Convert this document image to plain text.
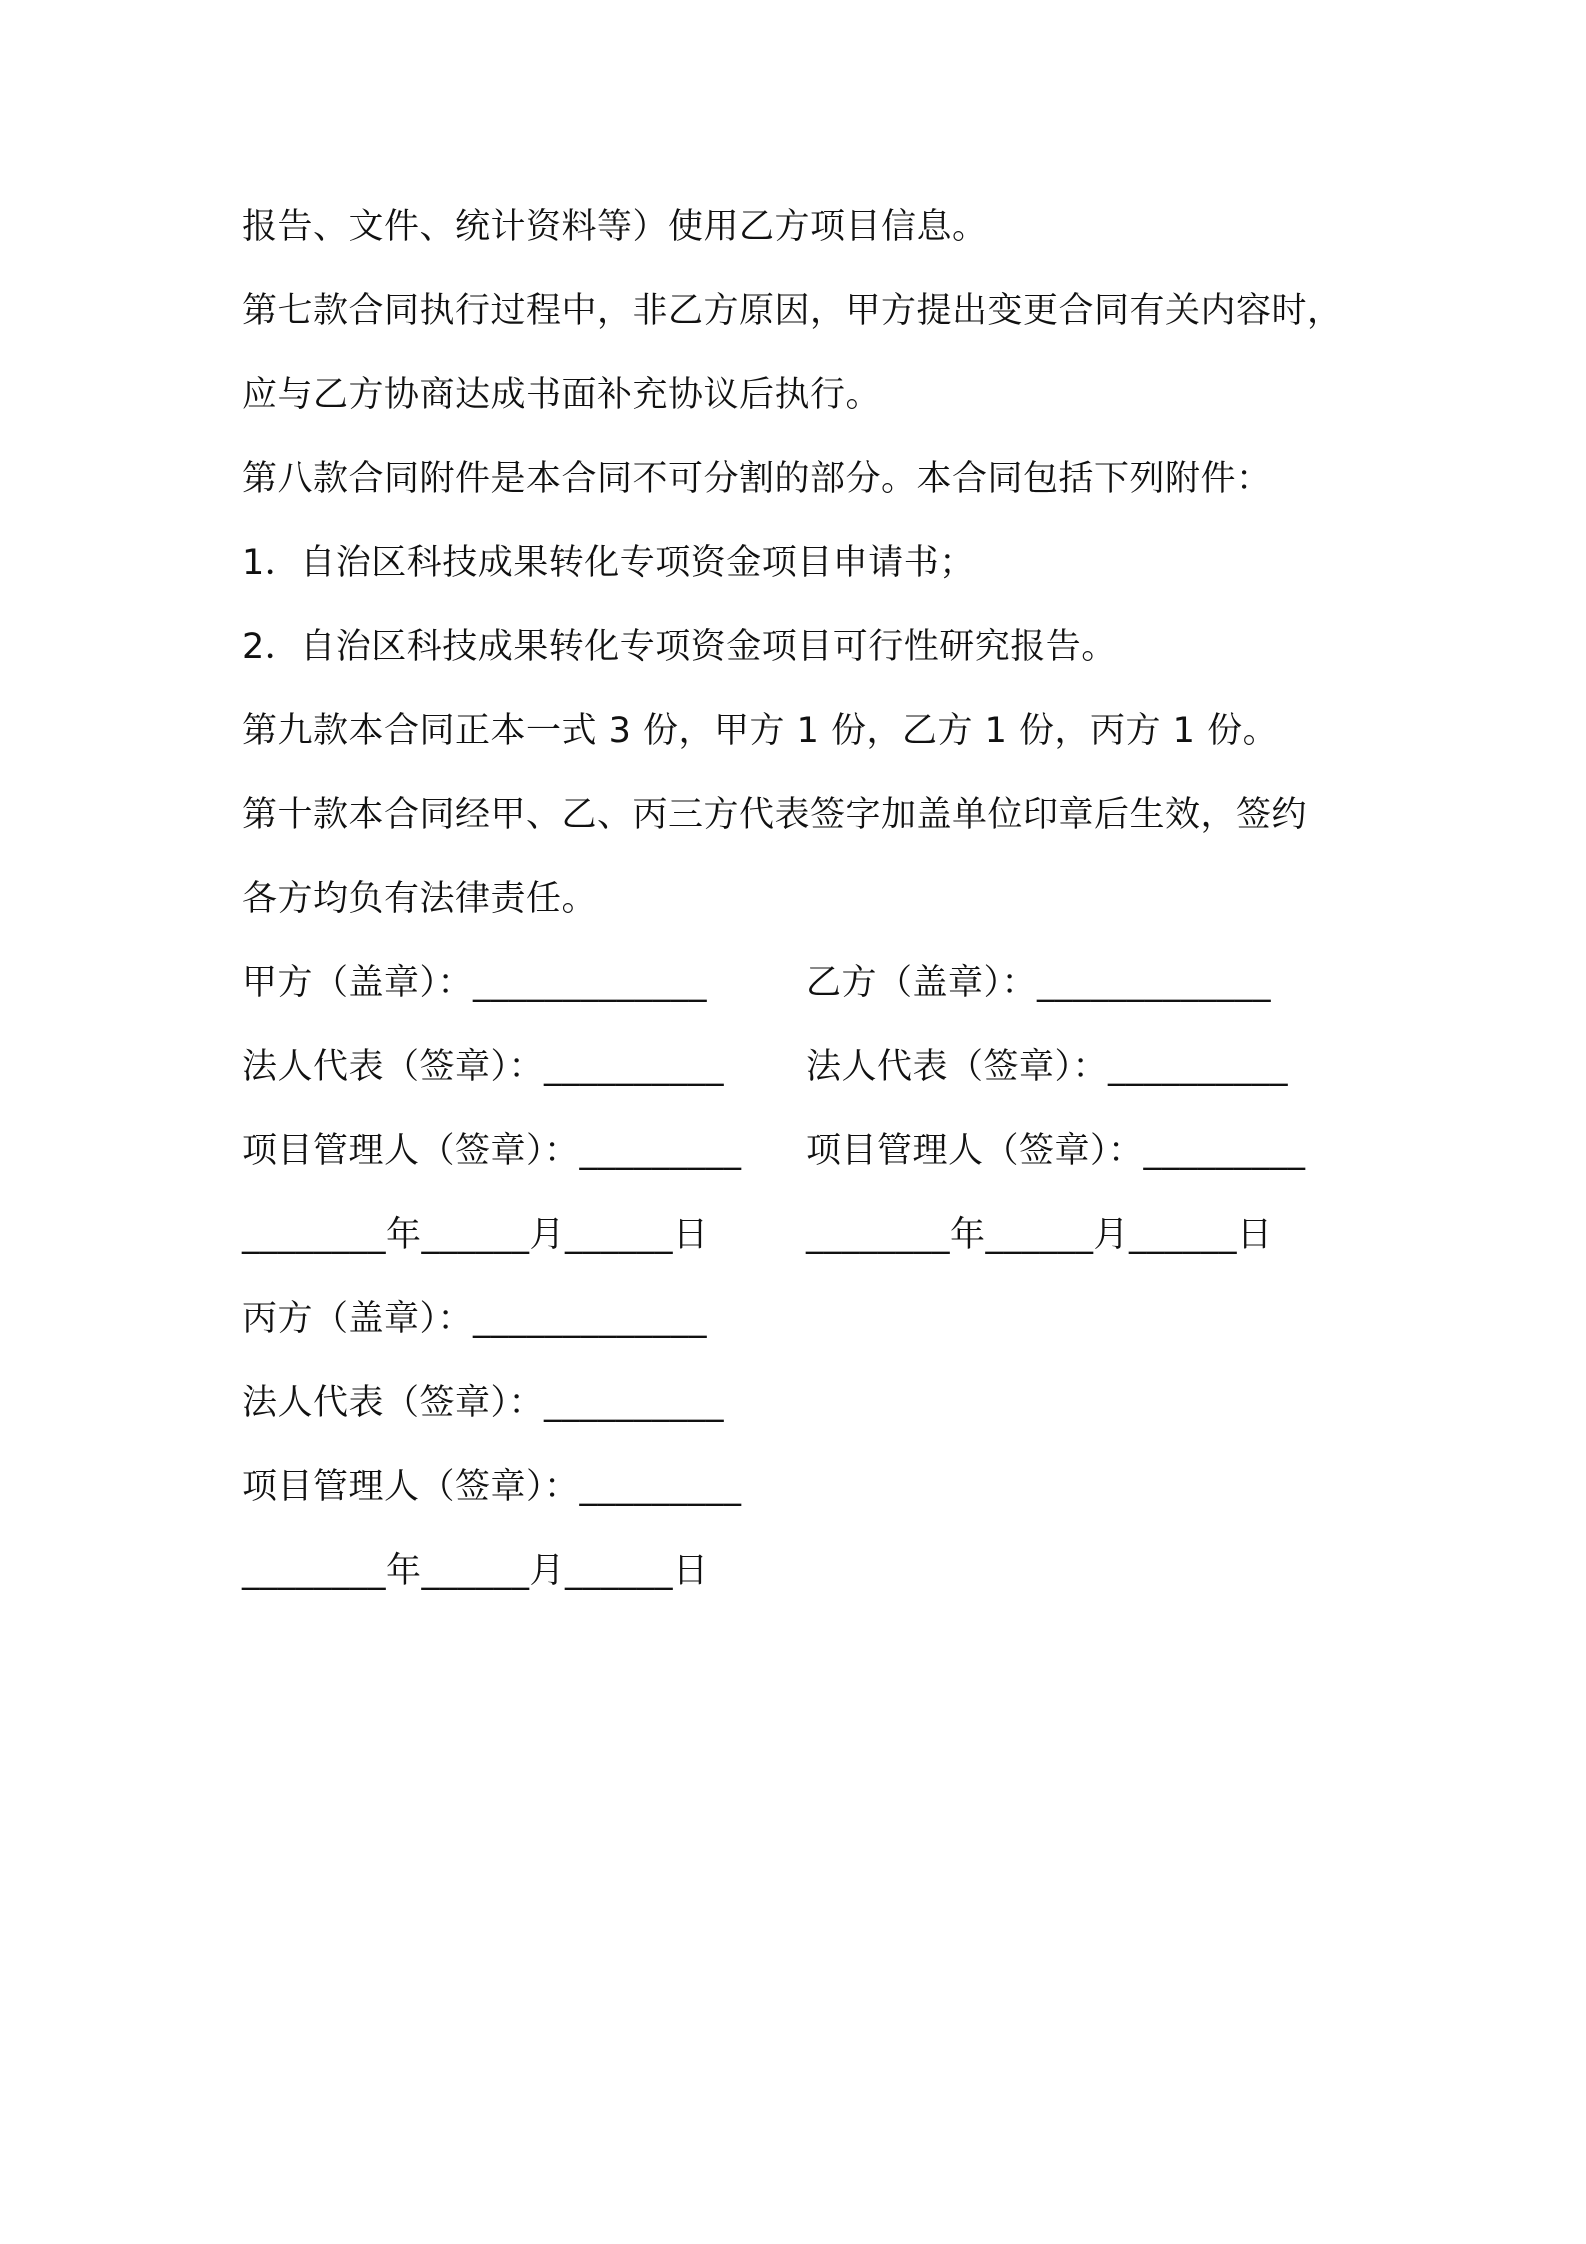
报告、文件、统计资料等）使用乙方项目信息。
第七款合同执行过程中，非乙方原因，甲方提出变更合同有关内容时，
应与乙方协商达成书面补充协议后执行。
第八款合同附件是本合同不可分割的部分。本合同包括下列附件：
1．自治区科技成果转化专项资金项目申请书；
2．自治区科技成果转化专项资金项目可行性研究报告。
第九款本合同正本一式 3 份，甲方 1 份，乙方 1 份，丙方 1 份。
第十款本合同经甲、乙、丙三方代表签字加盖单位印章后生效，签约
各方均负有法律责任。
甲方（盖章）：_____________	乙方（盖章）：_____________
法人代表（签章）：__________ 法人代表（签章）：__________
项目管理人（签章）：_________ 项目管理人（签章）：_________
________年______月______日	________年______月______日
丙方（盖章）：_____________
法人代表（签章）：__________
项目管理人（签章）：_________
________年______月______日
